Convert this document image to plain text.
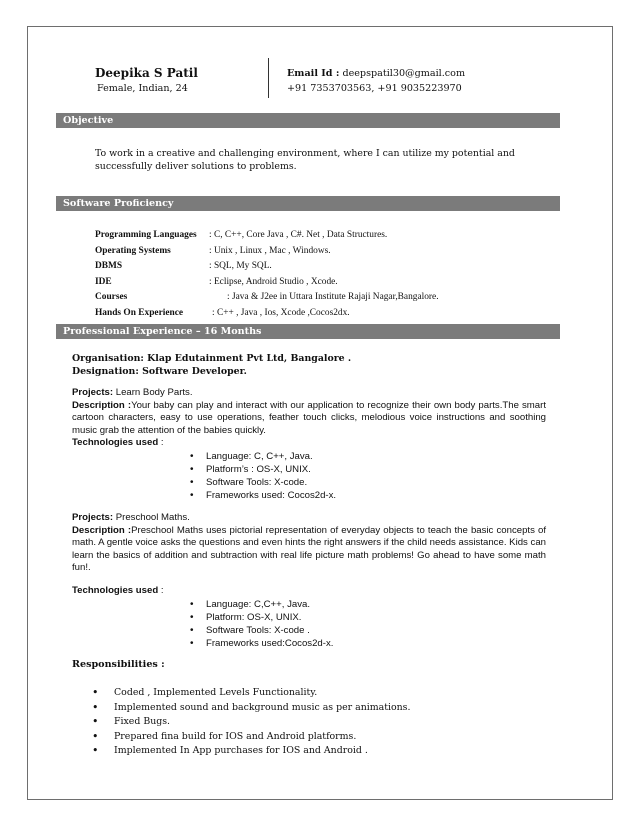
Deepika S Patil
Female, Indian, 24
Email Id : deepspatil30@gmail.com
+91 7353703563, +91 9035223970
Objective
To work in a creative and challenging environment, where I can utilize my potential and successfully deliver solutions to problems.
Software Proficiency
Programming Languages : C, C++, Core Java , C#. Net , Data Structures.
Operating Systems	: Unix , Linux , Mac , Windows.
DBMS	: SQL, My SQL.
IDE	: Eclipse, Android Studio , Xcode.
Courses	: Java & J2ee in Uttara Institute Rajaji Nagar,Bangalore.
Hands On Experience	: C++ , Java , Ios, Xcode ,Cocos2dx.
Professional Experience – 16 Months
Organisation: Klap Edutainment Pvt Ltd, Bangalore .
Designation: Software Developer.
Projects: Learn Body Parts.
Description :Your baby can play and interact with our application to recognize their own body parts.The smart cartoon characters, easy to use operations, feather touch clicks, melodious voice instructions and soothing music grab the attention of the babies quickly.
Technologies used :
• Language: C, C++, Java.
• Platform’s : OS-X, UNIX.
• Software Tools: X-code.
• Frameworks used: Cocos2d-x.
Projects: Preschool Maths.
Description :Preschool Maths uses pictorial representation of everyday objects to teach the basic concepts of math. A gentle voice asks the questions and even hints the right answers if the child needs assistance. Kids can learn the basics of addition and subtraction with real life picture math problems! Go ahead to have some math fun!.
Technologies used :
• Language: C,C++, Java.
• Platform: OS-X, UNIX.
• Software Tools: X-code .
• Frameworks used:Cocos2d-x.
Responsibilities :
• Coded , Implemented Levels Functionality.
• Implemented sound and background music as per animations.
• Fixed Bugs.
• Prepared fina build for IOS and Android platforms.
• Implemented In App purchases for IOS and Android .
